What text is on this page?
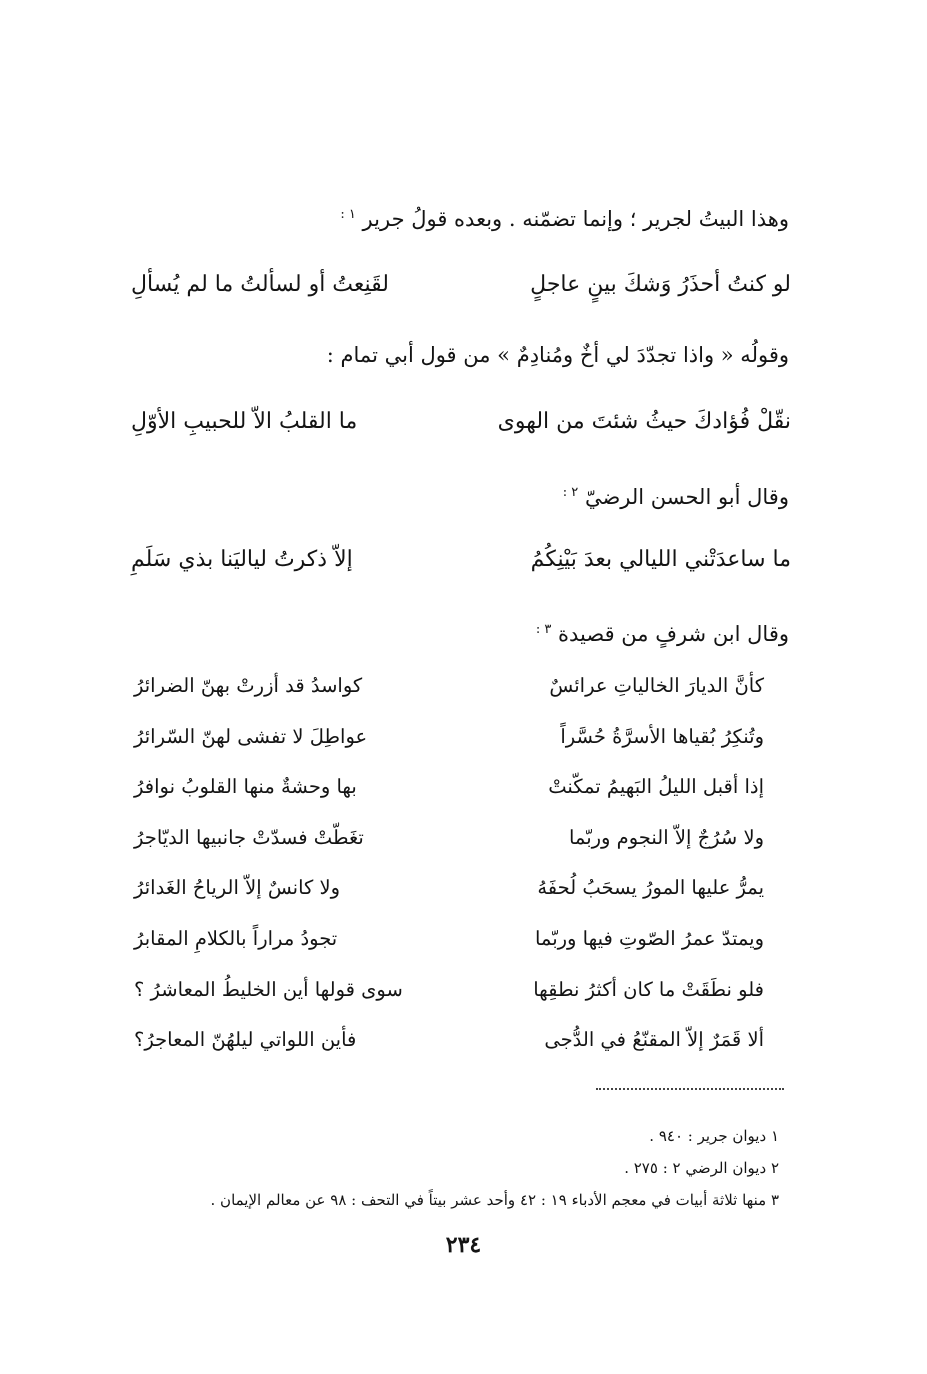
وهذا البيتُ لجرير ؛ وإنما تضمّنه . وبعده قولُ جرير $^{١ :}$
لو كنتُ أحذَرُ وَشكَ بينٍ عاجلٍ
لقَنِعتُ أو لسألتُ ما لم يُسألِ
وقولُه « واذا تجدّدَ لي أخٌ ومُنادِمٌ » من قول أبي تمام :
نقّلْ فُؤادكَ حيثُ شئتَ من الهوى
ما القلبُ الاّ للحبيبِ الأوّلِ
وقال أبو الحسن الرضيّ $^{٢ :}$
ما ساعدَتْني الليالي بعدَ بَيْنِكُمُ
إلاّ ذكرتُ لياليَنا بذي سَلَمِ
وقال ابن شرفٍ من قصيدة $^{٣ :}$
كأنَّ الديارَ الخالياتِ عرائسٌ
كواسدُ قد أزرتْ بهنّ الضرائرُ
وتُنكِرُ بُقياها الأسرَّةُ حُسَّراً
عواطِلَ لا تفشى لهنّ السّرائرُ
إذا أقبل الليلُ البَهيمُ تمكّنتْ
بها وحشةٌ منها القلوبُ نوافرُ
ولا سُرُجٌ إلاّ النجوم وربّما
تغَطّتْ فسدّتْ جانبيها الديّاجرُ
يمرُّ عليها المورُ يسحَبُ لُحفَهُ
ولا كانسٌ إلاّ الرياحُ الغَدائرُ
ويمتدّ عمرُ الصّوتِ فيها وربّما
تجودُ مراراً بالكلامِ المقابرُ
فلو نطَقَتْ ما كان أكثرُ نطقِها
سوى قولها أين الخليطُ المعاشرُ ؟
ألا قَمَرٌ إلاّ المقنّعُ في الدُّجى
فأين اللواتي ليلهُنّ المعاجرُ؟
١ ديوان جرير : ٩٤٠ .
٢ ديوان الرضي ٢ : ٢٧٥ .
٣ منها ثلاثة أبيات في معجم الأدباء ١٩ : ٤٢ وأحد عشر بيتاً في التحف : ٩٨ عن معالم الإيمان .
٢٣٤
